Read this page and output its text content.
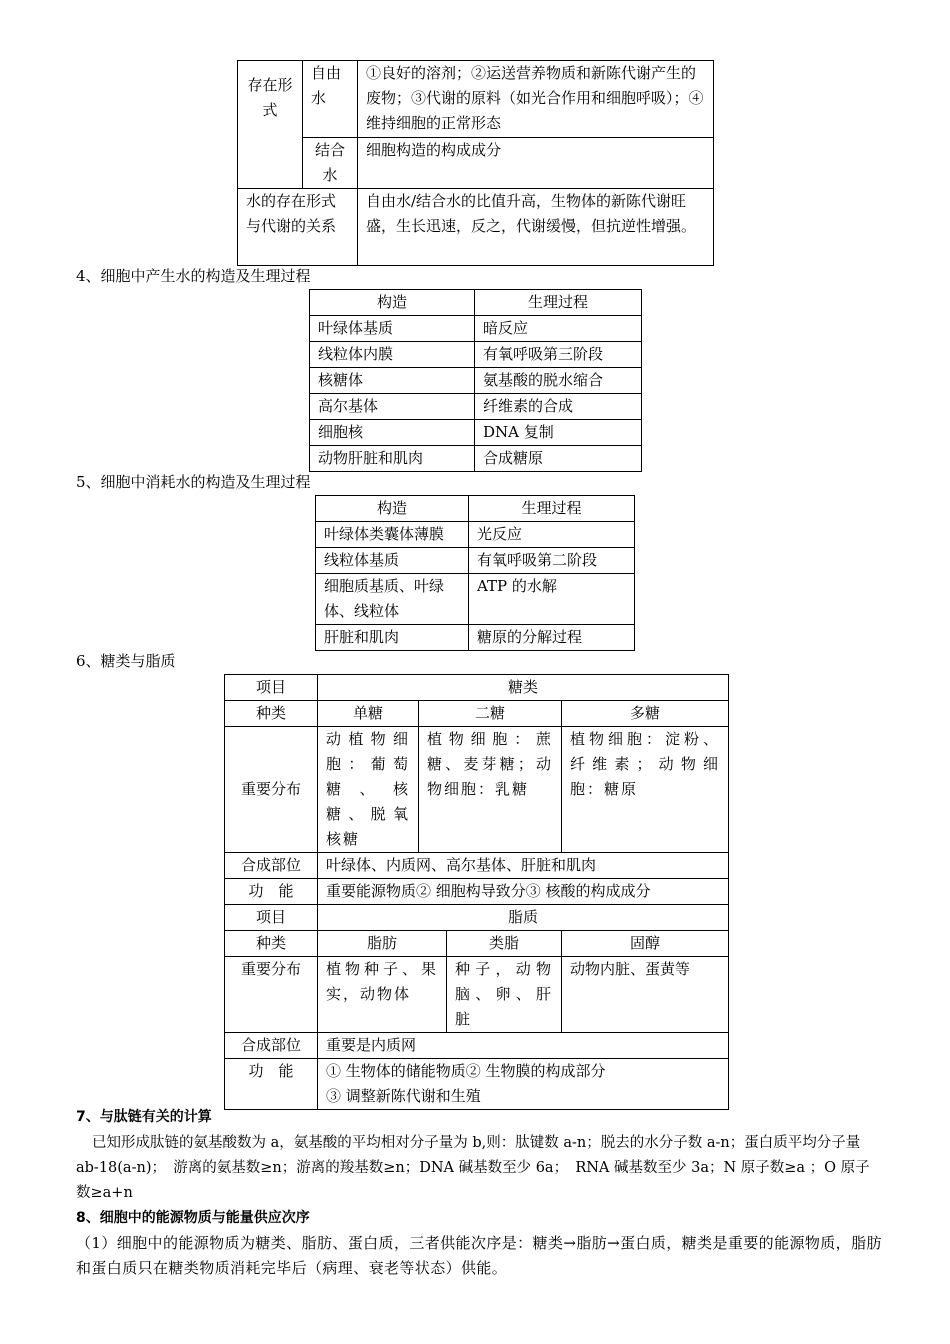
存在形式	自由水	①良好的溶剂；②运送营养物质和新陈代谢产生的废物；③代谢的原料（如光合作用和细胞呼吸）；④维持细胞的正常形态
	结合水	细胞构造的构成成分
水的存在形式与代谢的关系		自由水/结合水的比值升高，生物体的新陈代谢旺盛，生长迅速，反之，代谢缓慢，但抗逆性增强。
4、细胞中产生水的构造及生理过程
构造	生理过程
叶绿体基质	暗反应
线粒体内膜	有氧呼吸第三阶段
核糖体	氨基酸的脱水缩合
高尔基体	纤维素的合成
细胞核	DNA 复制
动物肝脏和肌肉	合成糖原
5、细胞中消耗水的构造及生理过程
构造	生理过程
叶绿体类囊体薄膜	光反应
线粒体基质	有氧呼吸第二阶段
细胞质基质、叶绿体、线粒体	ATP 的水解
肝脏和肌肉	糖原的分解过程
6、糖类与脂质
项目	糖类			
种类	单糖	二糖		多糖
重要分布	动植物细胞：葡萄糖、核糖、脱氧核糖	植物细胞：蔗糖、麦芽糖；动物细胞：乳糖		植物细胞：淀粉、纤维素；动物细胞：糖原
合成部位	叶绿体、内质网、高尔基体、肝脏和肌肉			
功　能	重要能源物质② 细胞构导致分③ 核酸的构成成分			
项目	脂质			
种类	脂肪		类脂	固醇
重要分布	植物种子、果实，动物体		种子，动物脑、卵、肝脏	动物内脏、蛋黄等
合成部位	重要是内质网			
功　能	① 生物体的储能物质② 生物膜的构成部分
③ 调整新陈代谢和生殖			
7、与肽链有关的计算
已知形成肽链的氨基酸数为 a，氨基酸的平均相对分子量为 b,则：肽键数 a-n；脱去的水分子数 a-n；蛋白质平均分子量 ab-18(a-n)；　游离的氨基数≥n；游离的羧基数≥n；DNA 碱基数至少 6a；　RNA 碱基数至少 3a；N 原子数≥a ；O 原子数≥a+n
8、细胞中的能源物质与能量供应次序
（1）细胞中的能源物质为糖类、脂肪、蛋白质，三者供能次序是：糖类→脂肪→蛋白质，糖类是重要的能源物质，脂肪和蛋白质只在糖类物质消耗完毕后（病理、衰老等状态）供能。
